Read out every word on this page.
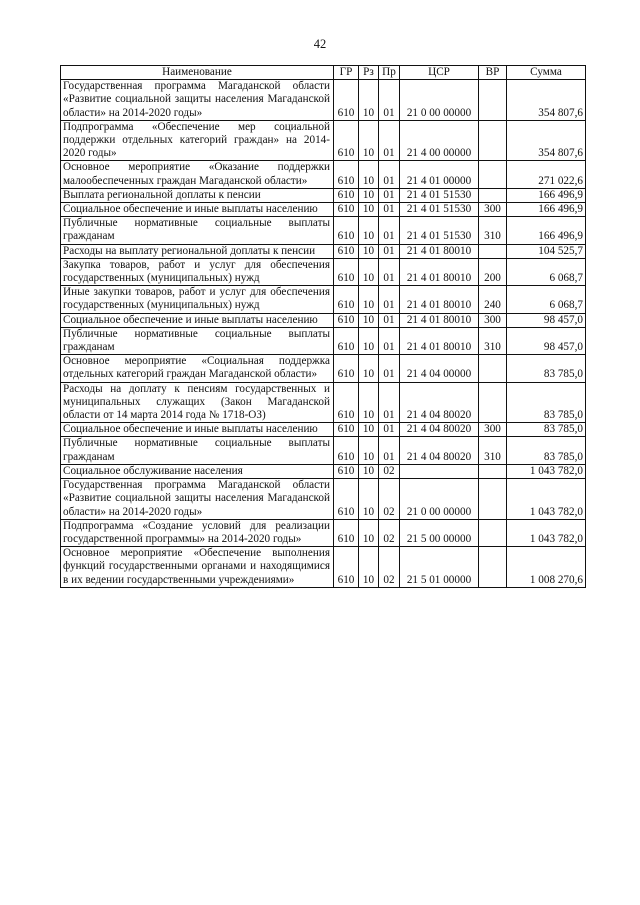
42
Наименование	ГР	Рз	Пр	ЦСР	ВР	Сумма
Государственная программа Магаданской области «Развитие социальной защиты населения Магаданской области» на 2014-2020 годы»	610	10	01	21 0 00 00000		354 807,6
Подпрограмма «Обеспечение мер социальной поддержки отдельных категорий граждан» на 2014-2020 годы»	610	10	01	21 4 00 00000		354 807,6
Основное мероприятие «Оказание поддержки малообеспеченных граждан Магаданской области»	610	10	01	21 4 01 00000		271 022,6
Выплата региональной доплаты к пенсии	610	10	01	21 4 01 51530		166 496,9
Социальное обеспечение и иные выплаты населению	610	10	01	21 4 01 51530	300	166 496,9
Публичные нормативные социальные выплаты гражданам	610	10	01	21 4 01 51530	310	166 496,9
Расходы на выплату региональной доплаты к пенсии	610	10	01	21 4 01 80010		104 525,7
Закупка товаров, работ и услуг для обеспечения государственных (муниципальных) нужд	610	10	01	21 4 01 80010	200	6 068,7
Иные закупки товаров, работ и услуг для обеспечения государственных (муниципальных) нужд	610	10	01	21 4 01 80010	240	6 068,7
Социальное обеспечение и иные выплаты населению	610	10	01	21 4 01 80010	300	98 457,0
Публичные нормативные социальные выплаты гражданам	610	10	01	21 4 01 80010	310	98 457,0
Основное мероприятие «Социальная поддержка отдельных категорий граждан Магаданской области»	610	10	01	21 4 04 00000		83 785,0
Расходы на доплату к пенсиям государственных и муниципальных служащих (Закон Магаданской области от 14 марта 2014 года № 1718-ОЗ)	610	10	01	21 4 04 80020		83 785,0
Социальное обеспечение и иные выплаты населению	610	10	01	21 4 04 80020	300	83 785,0
Публичные нормативные социальные выплаты гражданам	610	10	01	21 4 04 80020	310	83 785,0
Социальное обслуживание населения	610	10	02			1 043 782,0
Государственная программа Магаданской области «Развитие социальной защиты населения Магаданской области» на 2014-2020 годы»	610	10	02	21 0 00 00000		1 043 782,0
Подпрограмма «Создание условий для реализации государственной программы» на 2014-2020 годы»	610	10	02	21 5 00 00000		1 043 782,0
Основное мероприятие «Обеспечение выполнения функций государственными органами и находящимися в их ведении государственными учреждениями»	610	10	02	21 5 01 00000		1 008 270,6
